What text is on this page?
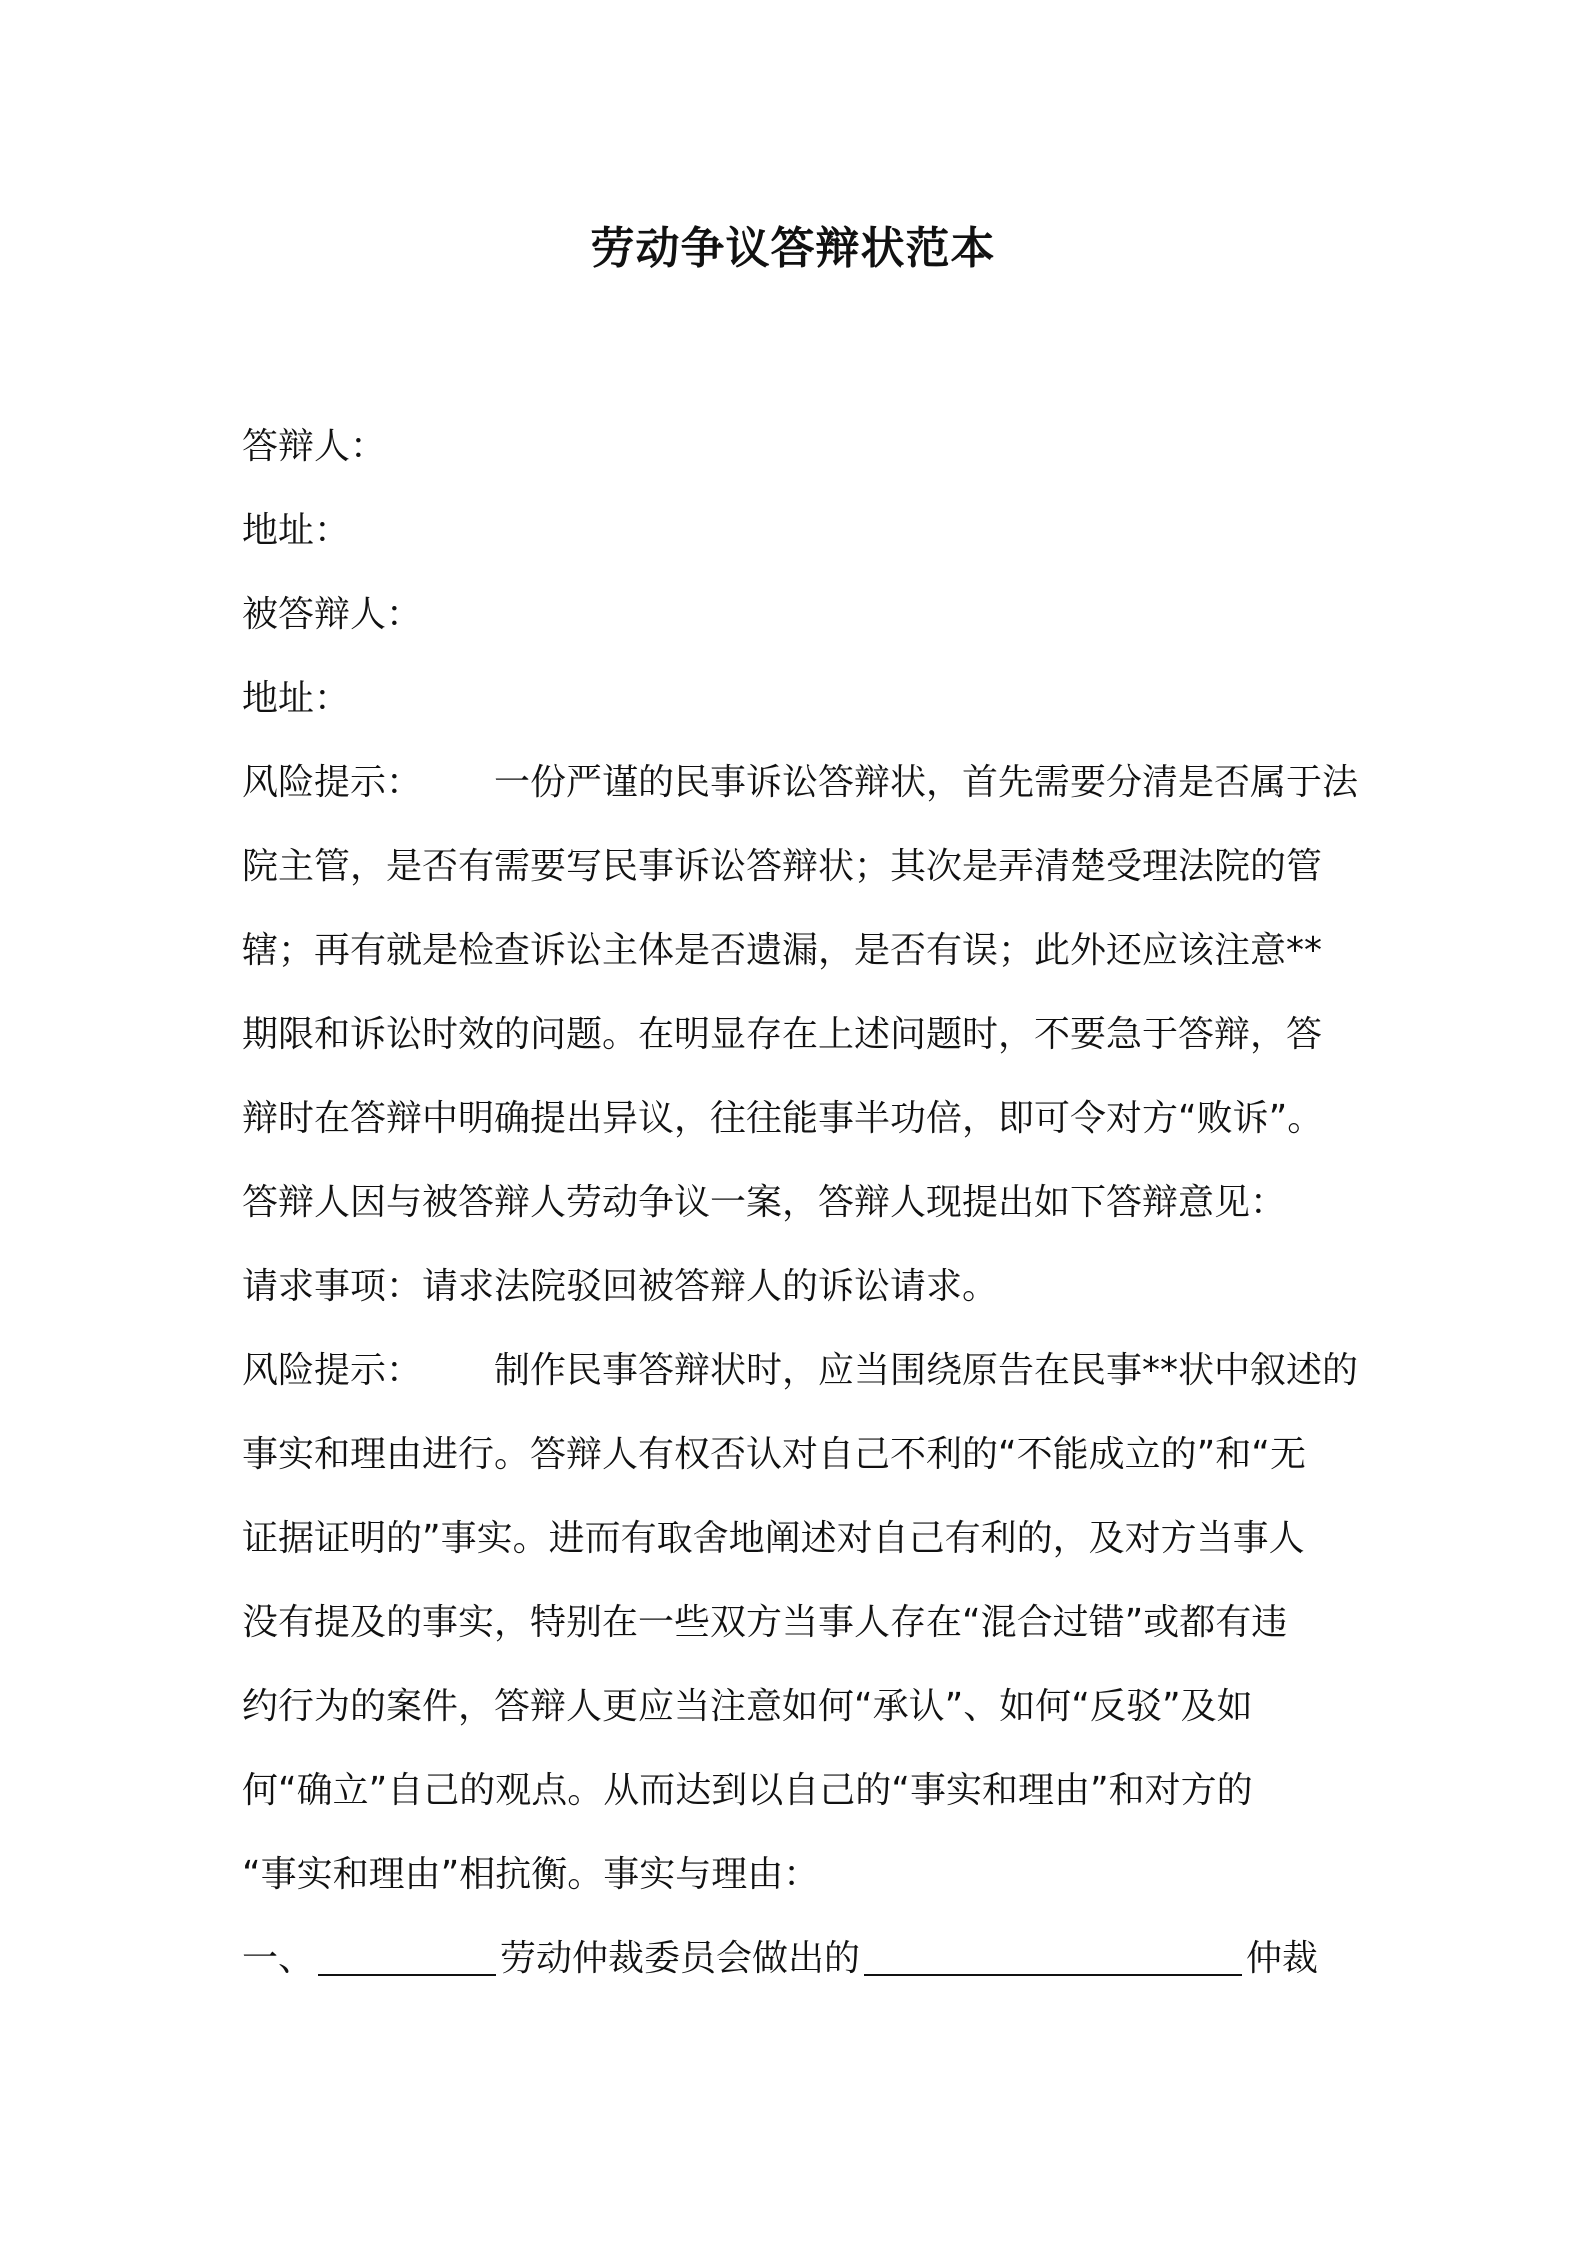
劳动争议答辩状范本
答辩人：
地址：
被答辩人：
地址：
风险提示： 一份严谨的民事诉讼答辩状，首先需要分清是否属于法
院主管，是否有需要写民事诉讼答辩状；其次是弄清楚受理法院的管
辖；再有就是检查诉讼主体是否遗漏，是否有误；此外还应该注意**
期限和诉讼时效的问题。在明显存在上述问题时，不要急于答辩，答
辩时在答辩中明确提出异议，往往能事半功倍，即可令对方“败诉”。
答辩人因与被答辩人劳动争议一案，答辩人现提出如下答辩意见：
请求事项：请求法院驳回被答辩人的诉讼请求。
风险提示： 制作民事答辩状时，应当围绕原告在民事**状中叙述的
事实和理由进行。答辩人有权否认对自己不利的“不能成立的”和“无
证据证明的”事实。进而有取舍地阐述对自己有利的，及对方当事人
没有提及的事实，特别在一些双方当事人存在“混合过错”或都有违
约行为的案件，答辩人更应当注意如何“承认”、如何“反驳”及如
何“确立”自己的观点。从而达到以自己的“事实和理由”和对方的
“事实和理由”相抗衡。事实与理由：
一、	劳动仲裁委员会做出的	仲裁
